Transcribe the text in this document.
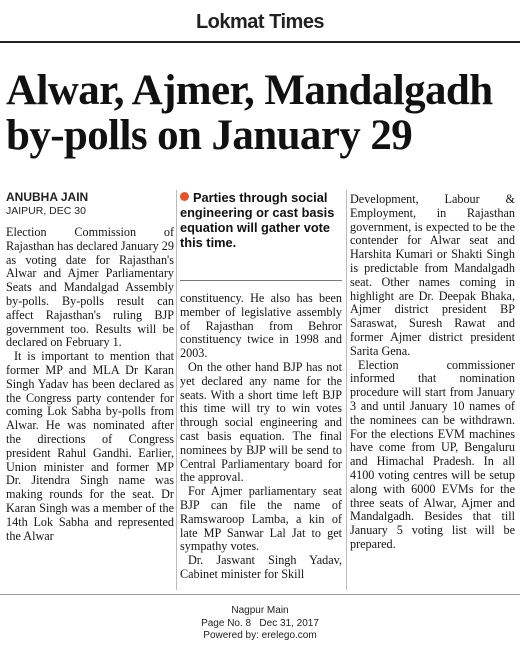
Lokmat Times
Alwar, Ajmer, Mandalgadh by-polls on January 29
ANUBHA JAIN
JAIPUR, DEC 30

Election Commission of Rajasthan has declared January 29 as voting date for Rajasthan's Alwar and Ajmer Parliamentary Seats and Mandalgad Assembly by-polls. By-polls result can affect Rajasthan's ruling BJP government too. Results will be declared on February 1.

It is important to mention that former MP and MLA Dr Karan Singh Yadav has been declared as the Congress party contender for coming Lok Sabha by-polls from Alwar. He was nominated after the directions of Congress president Rahul Gandhi. Earlier, Union minister and former MP Dr. Jitendra Singh name was making rounds for the seat. Dr Karan Singh was a member of the 14th Lok Sabha and represented the Alwar

Parties through social engineering or cast basis equation will gather vote this time.

constituency. He also has been member of legislative assembly of Rajasthan from Behror constituency twice in 1998 and 2003.

On the other hand BJP has not yet declared any name for the seats. With a short time left BJP this time will try to win votes through social engineering and cast basis equation. The final nominees by BJP will be send to Central Parliamentary board for the approval.

For Ajmer parliamentary seat BJP can file the name of Ramswaroop Lamba, a kin of late MP Sanwar Lal Jat to get sympathy votes.

Dr. Jaswant Singh Yadav, Cabinet minister for Skill

Development, Labour & Employment, in Rajasthan government, is expected to be the contender for Alwar seat and Harshita Kumari or Shakti Singh is predictable from Mandalgadh seat. Other names coming in highlight are Dr. Deepak Bhaka, Ajmer district president BP Saraswat, Suresh Rawat and former Ajmer district president Sarita Gena.

Election commissioner informed that nomination procedure will start from January 3 and until January 10 names of the nominees can be withdrawn. For the elections EVM machines have come from UP, Bengaluru and Himachal Pradesh. In all 4100 voting centres will be setup along with 6000 EVMs for the three seats of Alwar, Ajmer and Mandalgadh. Besides that till January 5 voting list will be prepared.

Nagpur Main
Page No. 8   Dec 31, 2017
Powered by: erelego.com
